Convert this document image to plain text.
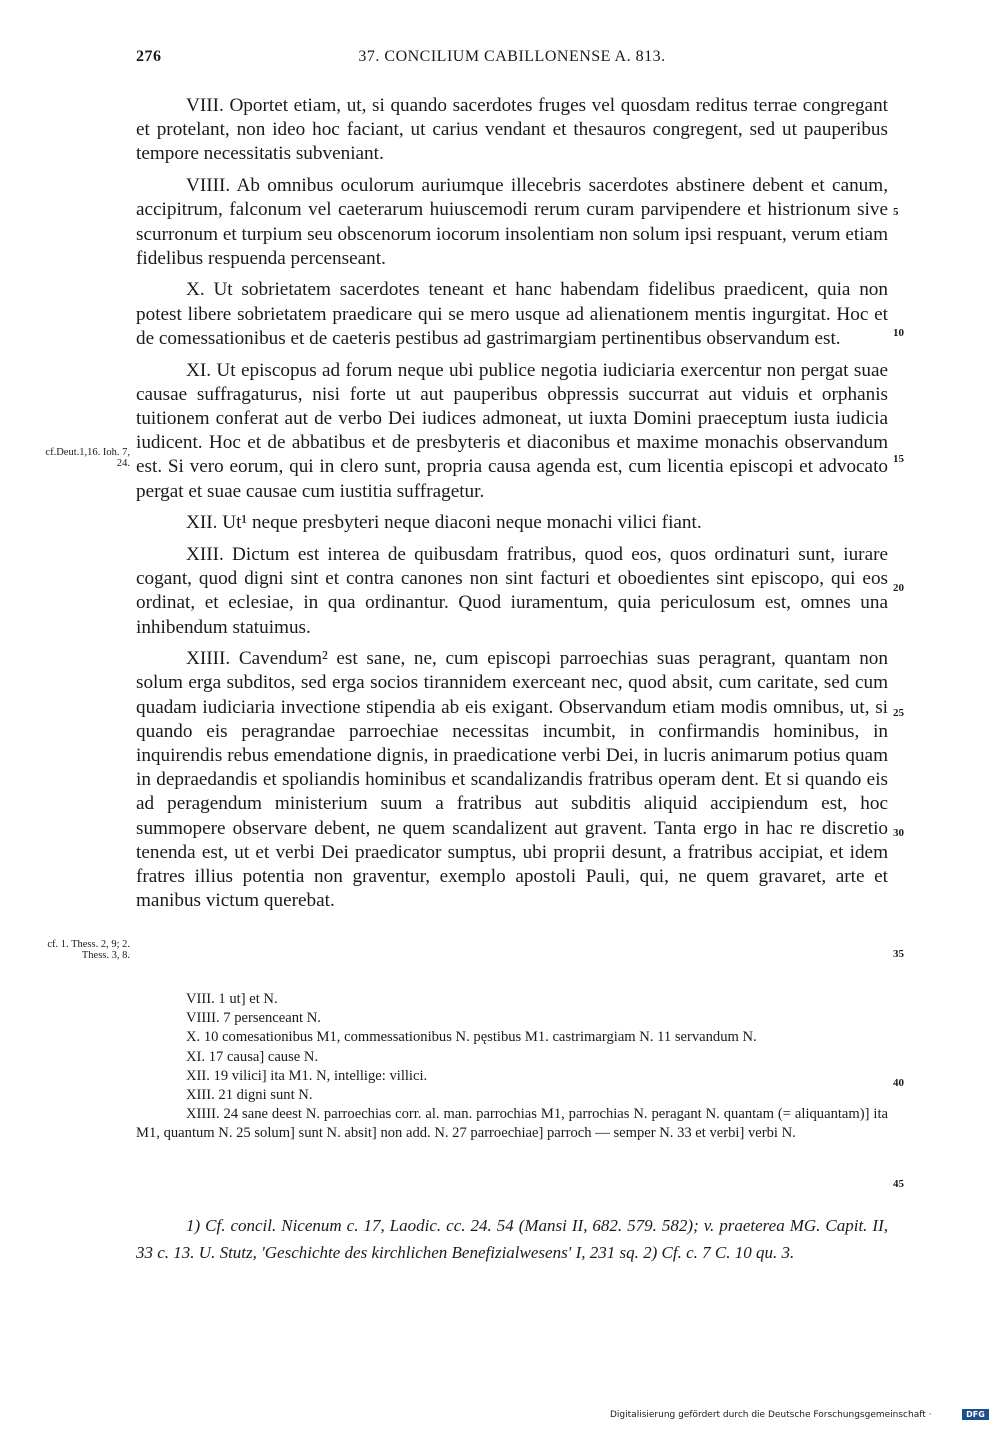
276	37. CONCILIUM CABILLONENSE A. 813.

VIII. Oportet etiam, ut, si quando sacerdotes fruges vel quosdam reditus terrae congregant et protelant, non ideo hoc faciant, ut carius vendant et thesauros congregent, sed ut pauperibus tempore necessitatis subveniant.

VIIII. Ab omnibus oculorum auriumque illecebris sacerdotes abstinere debent et canum, accipitrum, falconum vel caeterarum huiuscemodi rerum curam parvipendere et histrionum sive scurronum et turpium seu obscenorum iocorum insolentiam non solum ipsi respuant, verum etiam fidelibus respuenda percenseant.

X. Ut sobrietatem sacerdotes teneant et hanc habendam fidelibus praedicent, quia non potest libere sobrietatem praedicare qui se mero usque ad alienationem mentis ingurgitat. Hoc et de comessationibus et de caeteris pestibus ad gastrimargiam pertinentibus observandum est.

XI. Ut episcopus ad forum neque ubi publice negotia iudiciaria exercentur non pergat suae causae suffragaturus, nisi forte ut aut pauperibus obpressis succurrat aut viduis et orphanis tuitionem conferat aut de verbo Dei iudices admoneat, ut iuxta Domini praeceptum iusta iudicia iudicent. Hoc et de abbatibus et de presbyteris et diaconibus et maxime monachis observandum est. Si vero eorum, qui in clero sunt, propria causa agenda est, cum licentia episcopi et advocato pergat et suae causae cum iustitia suffragetur.

XII. Ut¹ neque presbyteri neque diaconi neque monachi vilici fiant.

XIII. Dictum est interea de quibusdam fratribus, quod eos, quos ordinaturi sunt, iurare cogant, quod digni sint et contra canones non sint facturi et oboedientes sint episcopo, qui eos ordinat, et eclesiae, in qua ordinantur. Quod iuramentum, quia periculosum est, omnes una inhibendum statuimus.

XIIII. Cavendum² est sane, ne, cum episcopi parroechias suas peragrant, quantam non solum erga subditos, sed erga socios tirannidem exerceant nec, quod absit, cum caritate, sed cum quadam iudiciaria invectione stipendia ab eis exigant. Observandum etiam modis omnibus, ut, si quando eis peragrandae parroechiae necessitas incumbit, in confirmandis hominibus, in inquirendis rebus emendatione dignis, in praedicatione verbi Dei, in lucris animarum potius quam in depraedandis et spoliandis hominibus et scandalizandis fratribus operam dent. Et si quando eis ad peragendum ministerium suum a fratribus aut subditis aliquid accipiendum est, hoc summopere observare debent, ne quem scandalizent aut gravent. Tanta ergo in hac re discretio tenenda est, ut et verbi Dei praedicator sumptus, ubi proprii desunt, a fratribus accipiat, et idem fratres illius potentia non graventur, exemplo apostoli Pauli, qui, ne quem gravaret, arte et manibus victum querebat.

5
10
15
20
25
30
35
40
45
cf.Deut.1,16. Ioh. 7, 24.
cf. 1. Thess. 2, 9; 2. Thess. 3, 8.

VIII. 1 ut] et N.

VIIII. 7 persenceant N.

X. 10 comesationibus M1, commessationibus N. pęstibus M1. castrimargiam N. 11 servandum N.

XI. 17 causa] cause N.

XII. 19 vilici] ita M1. N, intellige: villici.

XIII. 21 digni sunt N.

XIIII. 24 sane deest N. parroechias corr. al. man. parrochias M1, parrochias N. peragant N. quantam (= aliquantam)] ita M1, quantum N. 25 solum] sunt N. absit] non add. N. 27 parroechiae] parroch — semper N. 33 et verbi] verbi N.

1) Cf. concil. Nicenum c. 17, Laodic. cc. 24. 54 (Mansi II, 682. 579. 582); v. praeterea MG. Capit. II, 33 c. 13. U. Stutz, 'Geschichte des kirchlichen Benefizialwesens' I, 231 sq. 2) Cf. c. 7 C. 10 qu. 3.

Digitalisierung gefördert durch die Deutsche Forschungsgemeinschaft ·	DFG
